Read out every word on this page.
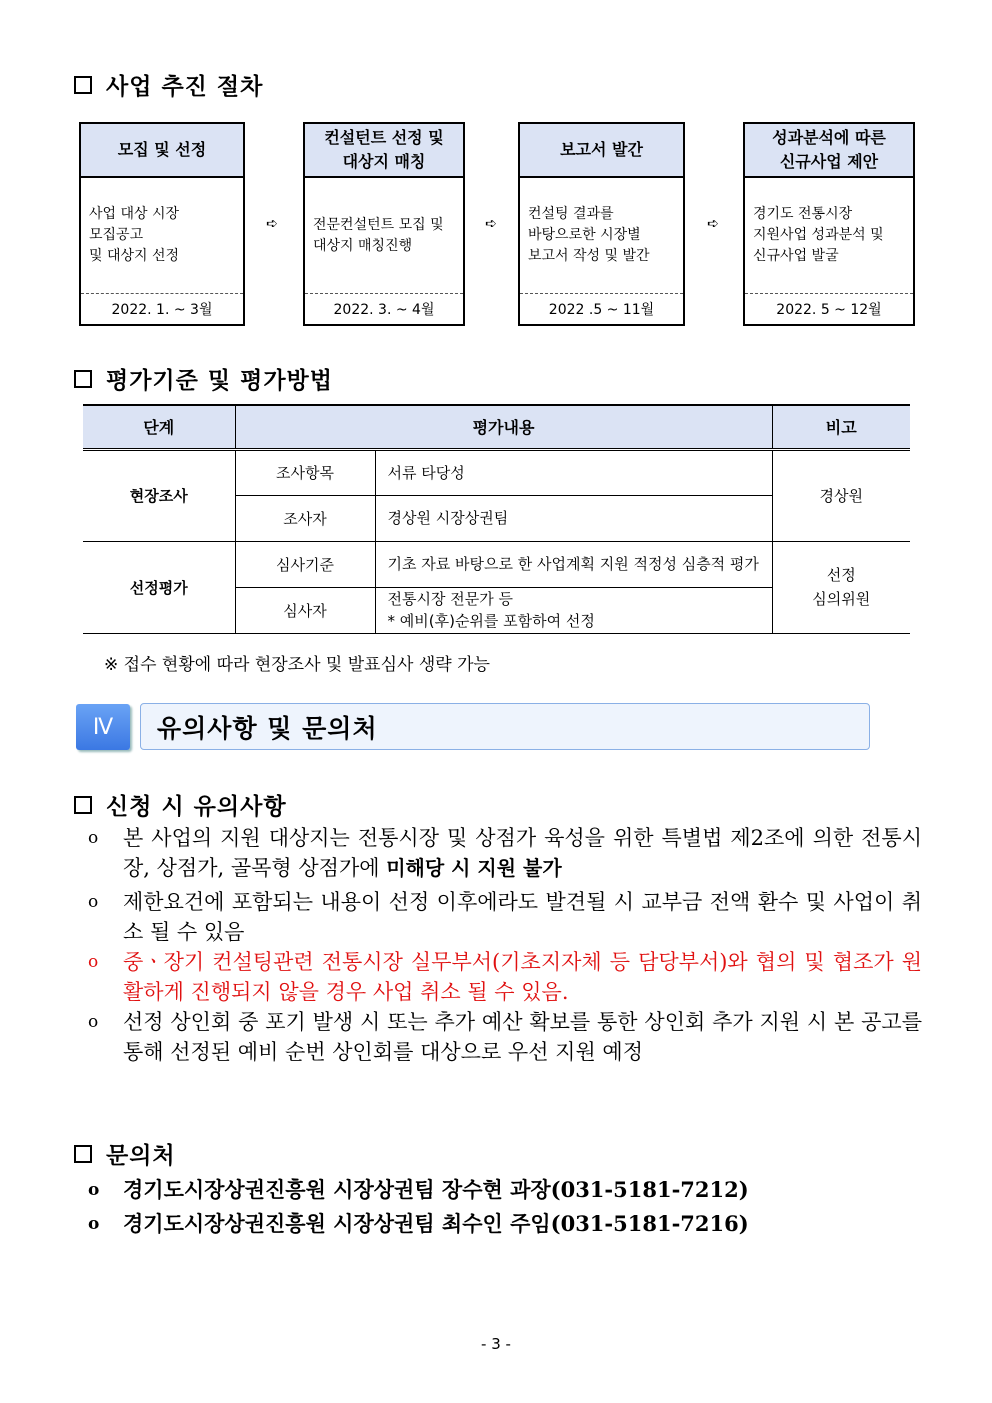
사업 추진 절차
모집 및 선정
사업 대상 시장
모집공고
및 대상지 선정
2022. 1. ~ 3월
➪
컨설턴트 선정 및
대상지 매칭
전문컨설턴트 모집 및
대상지 매칭진행
2022. 3. ~ 4월
➪
보고서 발간
컨설팅 결과를
바탕으로한 시장별
보고서 작성 및 발간
2022 .5 ~ 11월
➪
성과분석에 따른
신규사업 제안
경기도 전통시장
지원사업 성과분석 및
신규사업 발굴
2022. 5 ~ 12월
평가기준 및 평가방법
단계	평가내용		비고
현장조사	조사항목	서류 타당성	경상원
	조사자	경상원 시장상권팀	
선정평가	심사기준	기초 자료 바탕으로 한 사업계획 지원 적정성 심층적 평가	선정
심의위원
	심사자	전통시장 전문가 등
* 예비(후)순위를 포함하여 선정	
※ 접수 현황에 따라 현장조사 및 발표심사 생략 가능
Ⅳ	유의사항 및 문의처
신청 시 유의사항
o 본 사업의 지원 대상지는 전통시장 및 상점가 육성을 위한 특별법 제2조에 의한 전통시장, 상점가, 골목형 상점가에 미해당 시 지원 불가
o 제한요건에 포함되는 내용이 선정 이후에라도 발견될 시 교부금 전액 환수 및 사업이 취소 될 수 있음
o 중ㆍ장기 컨설팅관련 전통시장 실무부서(기초지자체 등 담당부서)와 협의 및 협조가 원활하게 진행되지 않을 경우 사업 취소 될 수 있음.
o 선정 상인회 중 포기 발생 시 또는 추가 예산 확보를 통한 상인회 추가 지원 시 본 공고를 통해 선정된 예비 순번 상인회를 대상으로 우선 지원 예정
문의처
o 경기도시장상권진흥원 시장상권팀 장수현 과장(031-5181-7212)
o 경기도시장상권진흥원 시장상권팀 최수인 주임(031-5181-7216)
- 3 -
